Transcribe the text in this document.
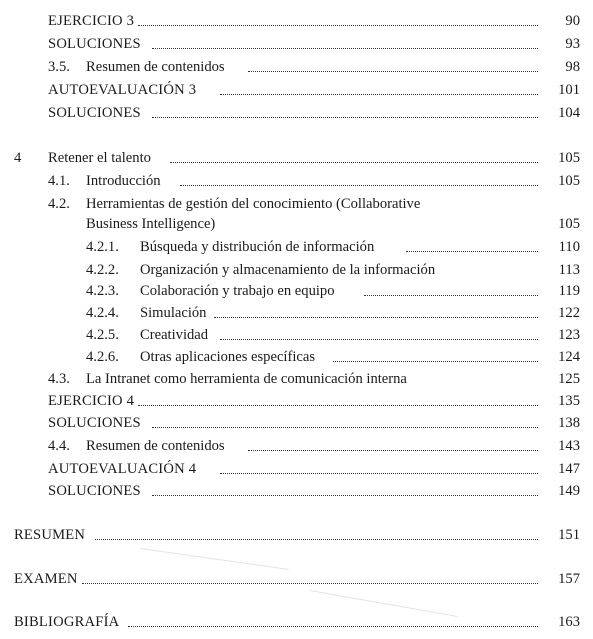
EJERCICIO 3	90
SOLUCIONES	93
3.5. Resumen de contenidos	98
AUTOEVALUACIÓN 3	101
SOLUCIONES	104
4 Retener el talento	105
4.1. Introducción	105
4.2. Herramientas de gestión del conocimiento (Collaborative
Business Intelligence)	105
4.2.1. Búsqueda y distribución de información	110
4.2.2. Organización y almacenamiento de la información	113
4.2.3. Colaboración y trabajo en equipo	119
4.2.4. Simulación	122
4.2.5. Creatividad	123
4.2.6. Otras aplicaciones específicas	124
4.3. La Intranet como herramienta de comunicación interna	125
EJERCICIO 4	135
SOLUCIONES	138
4.4. Resumen de contenidos	143
AUTOEVALUACIÓN 4	147
SOLUCIONES	149
RESUMEN	151
EXAMEN	157
BIBLIOGRAFÍA	163
